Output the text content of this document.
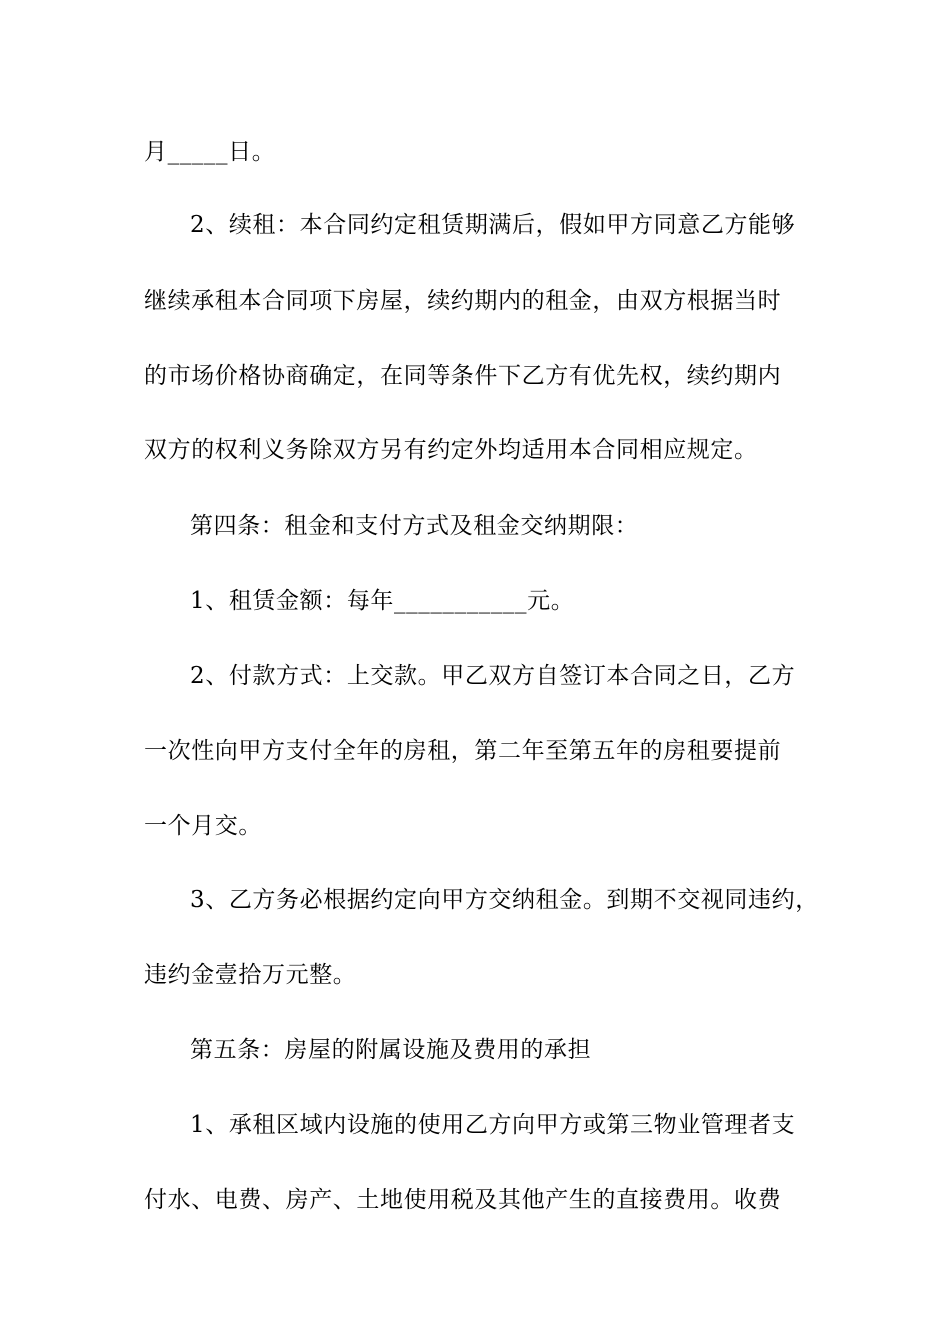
月_____日。
2、续租：本合同约定租赁期满后，假如甲方同意乙方能够
继续承租本合同项下房屋，续约期内的租金，由双方根据当时
的市场价格协商确定，在同等条件下乙方有优先权，续约期内
双方的权利义务除双方另有约定外均适用本合同相应规定。
第四条：租金和支付方式及租金交纳期限：
1、租赁金额：每年___________元。
2、付款方式：上交款。甲乙双方自签订本合同之日，乙方
一次性向甲方支付全年的房租，第二年至第五年的房租要提前
一个月交。
3、乙方务必根据约定向甲方交纳租金。到期不交视同违约，
违约金壹拾万元整。
第五条：房屋的附属设施及费用的承担
1、承租区域内设施的使用乙方向甲方或第三物业管理者支
付水、电费、房产、土地使用税及其他产生的直接费用。收费
